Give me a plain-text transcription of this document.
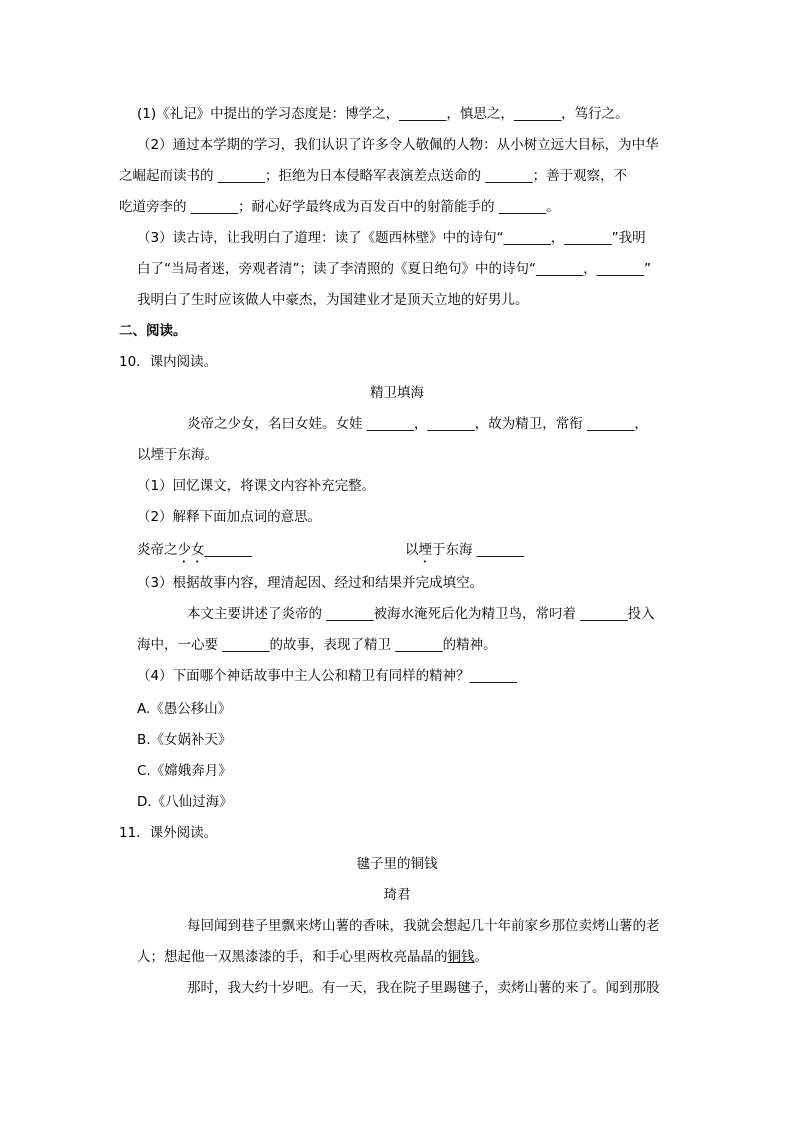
(1)《礼记》中提出的学习态度是：博学之，_______，慎思之，_______，笃行之。
（2）通过本学期的学习，我们认识了许多令人敬佩的人物：从小树立远大目标，为中华
之崛起而读书的 _______；拒绝为日本侵略军表演差点送命的 _______；善于观察，不
吃道旁李的 _______；耐心好学最终成为百发百中的射箭能手的 _______。
（3）读古诗，让我明白了道理：读了《题西林壁》中的诗句“_______，_______”我明
白了“当局者迷，旁观者清”；读了李清照的《夏日绝句》中的诗句“_______，_______”
我明白了生时应该做人中豪杰，为国建业才是顶天立地的好男儿。
二、阅读。
10．课内阅读。
精卫填海
炎帝之少女，名曰女娃。女娃 _______，_______，故为精卫，常衔 _______，
以堙于东海。
（1）回忆课文，将课文内容补充完整。
（2）解释下面加点词的意思。
炎帝之少女_______	以堙于东海 _______
（3）根据故事内容，理清起因、经过和结果并完成填空。
本文主要讲述了炎帝的 _______被海水淹死后化为精卫鸟，常叼着 _______投入
海中，一心要 _______的故事，表现了精卫 _______的精神。
（4）下面哪个神话故事中主人公和精卫有同样的精神？_______
A.《愚公移山》
B.《女娲补天》
C.《嫦娥奔月》
D.《八仙过海》
11．课外阅读。
毽子里的铜钱
琦君
每回闻到巷子里飘来烤山薯的香味，我就会想起几十年前家乡那位卖烤山薯的老
人；想起他一双黑漆漆的手，和手心里两枚亮晶晶的铜钱。
那时，我大约十岁吧。有一天，我在院子里踢毽子，卖烤山薯的来了。闻到那股
